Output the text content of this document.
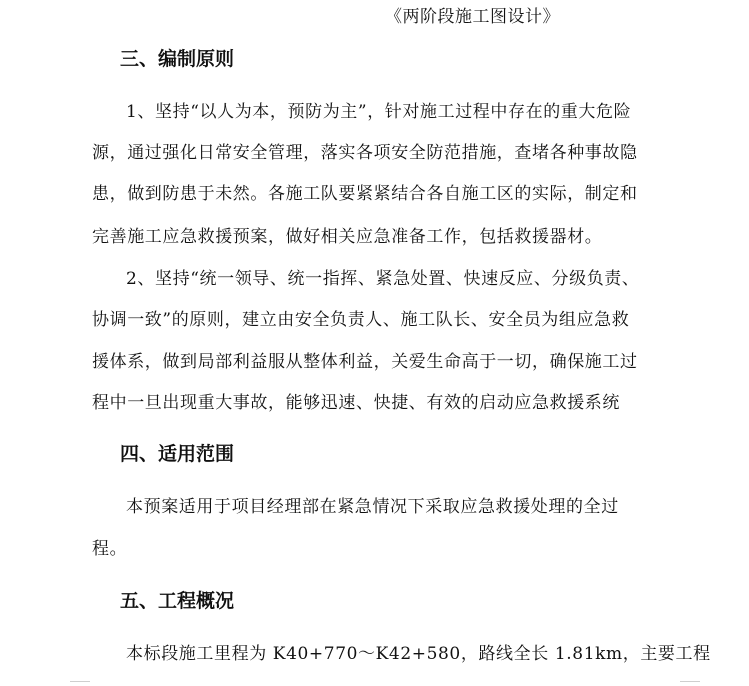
《两阶段施工图设计》
三、编制原则
1、坚持“以人为本，预防为主”，针对施工过程中存在的重大危险
源，通过强化日常安全管理，落实各项安全防范措施，查堵各种事故隐
患，做到防患于未然。各施工队要紧紧结合各自施工区的实际，制定和
完善施工应急救援预案，做好相关应急准备工作，包括救援器材。
2、坚持“统一领导、统一指挥、紧急处置、快速反应、分级负责、
协调一致”的原则，建立由安全负责人、施工队长、安全员为组应急救
援体系，做到局部利益服从整体利益，关爱生命高于一切，确保施工过
程中一旦出现重大事故，能够迅速、快捷、有效的启动应急救援系统
四、适用范围
本预案适用于项目经理部在紧急情况下采取应急救援处理的全过
程。
五、工程概况
本标段施工里程为 K40+770～K42+580，路线全长 1.81km，主要工程
